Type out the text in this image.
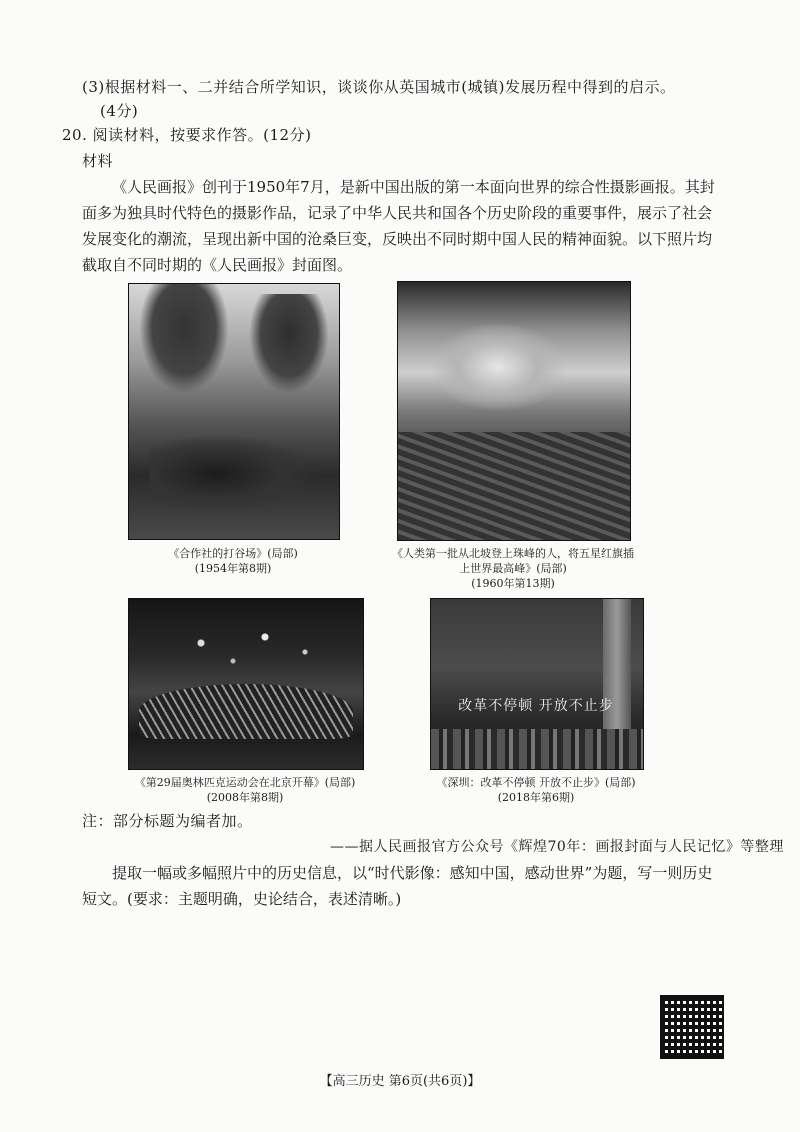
(3)根据材料一、二并结合所学知识，谈谈你从英国城市(城镇)发展历程中得到的启示。
(4分)
20. 阅读材料，按要求作答。(12分)
材料
《人民画报》创刊于1950年7月，是新中国出版的第一本面向世界的综合性摄影画报。其封面多为独具时代特色的摄影作品，记录了中华人民共和国各个历史阶段的重要事件，展示了社会发展变化的潮流，呈现出新中国的沧桑巨变，反映出不同时期中国人民的精神面貌。以下照片均截取自不同时期的《人民画报》封面图。
《合作社的打谷场》(局部)
(1954年第8期)
《人类第一批从北坡登上珠峰的人，将五星红旗插
上世界最高峰》(局部)
(1960年第13期)
《第29届奥林匹克运动会在北京开幕》(局部)
(2008年第8期)
改革不停顿 开放不止步
《深圳：改革不停顿 开放不止步》(局部)
(2018年第6期)
注：部分标题为编者加。
——据人民画报官方公众号《辉煌70年：画报封面与人民记忆》等整理
提取一幅或多幅照片中的历史信息，以“时代影像：感知中国，感动世界”为题，写一则历史短文。(要求：主题明确，史论结合，表述清晰。)
【高三历史 第6页(共6页)】
